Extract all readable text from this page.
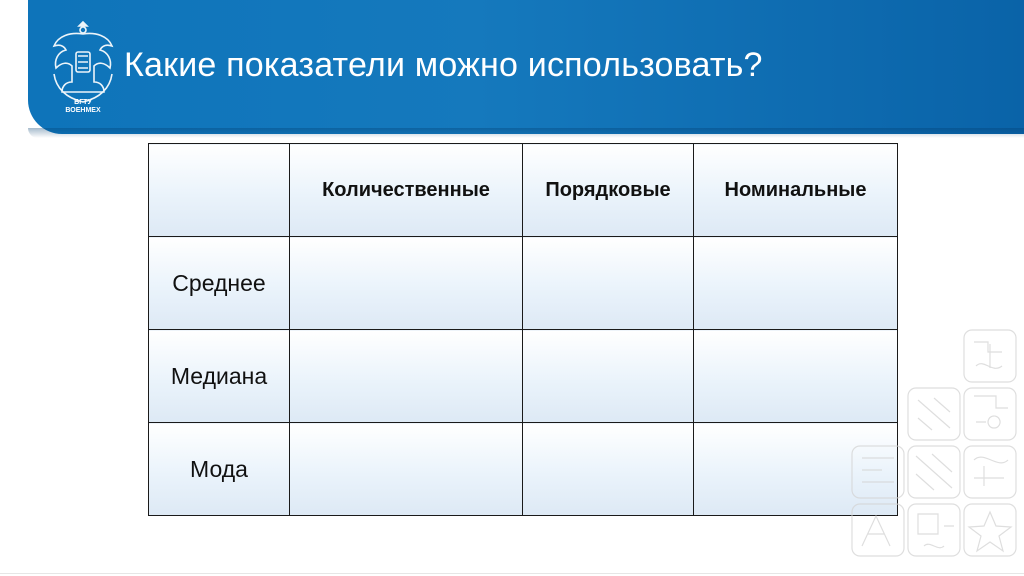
БГТУ
ВОЕНМЕХ
Какие показатели можно использовать?
	Количественные	Порядковые	Номинальные
Среднее			
Медиана			
Мода			
